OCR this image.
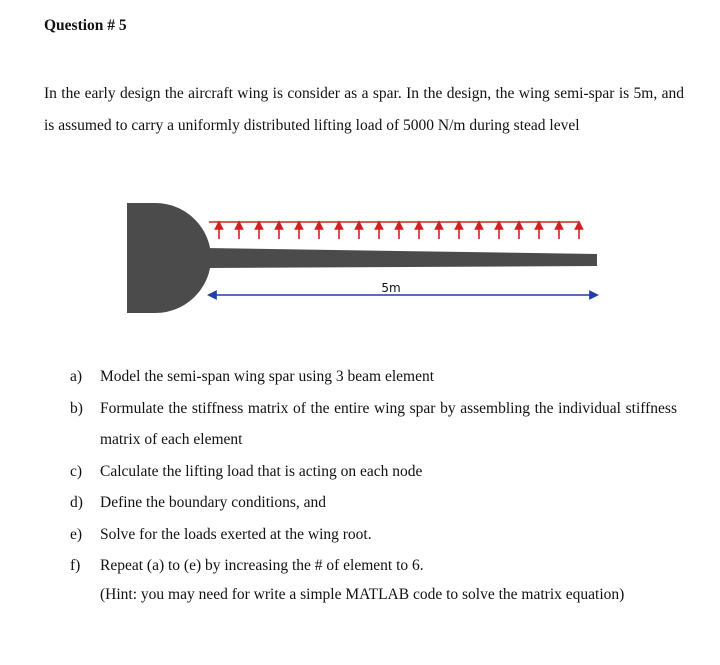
Question # 5

In the early design the aircraft wing is consider as a spar. In the design, the wing semi-spar is 5m, and is assumed to carry a uniformly distributed lifting load of 5000 N/m during stead level

5m
a) Model the semi-span wing spar using 3 beam element
b) Formulate the stiffness matrix of the entire wing spar by assembling the individual stiffness matrix of each element
c) Calculate the lifting load that is acting on each node
d) Define the boundary conditions, and
e) Solve for the loads exerted at the wing root.
f) Repeat (a) to (e) by increasing the # of element to 6.

(Hint: you may need for write a simple MATLAB code to solve the matrix equation)
